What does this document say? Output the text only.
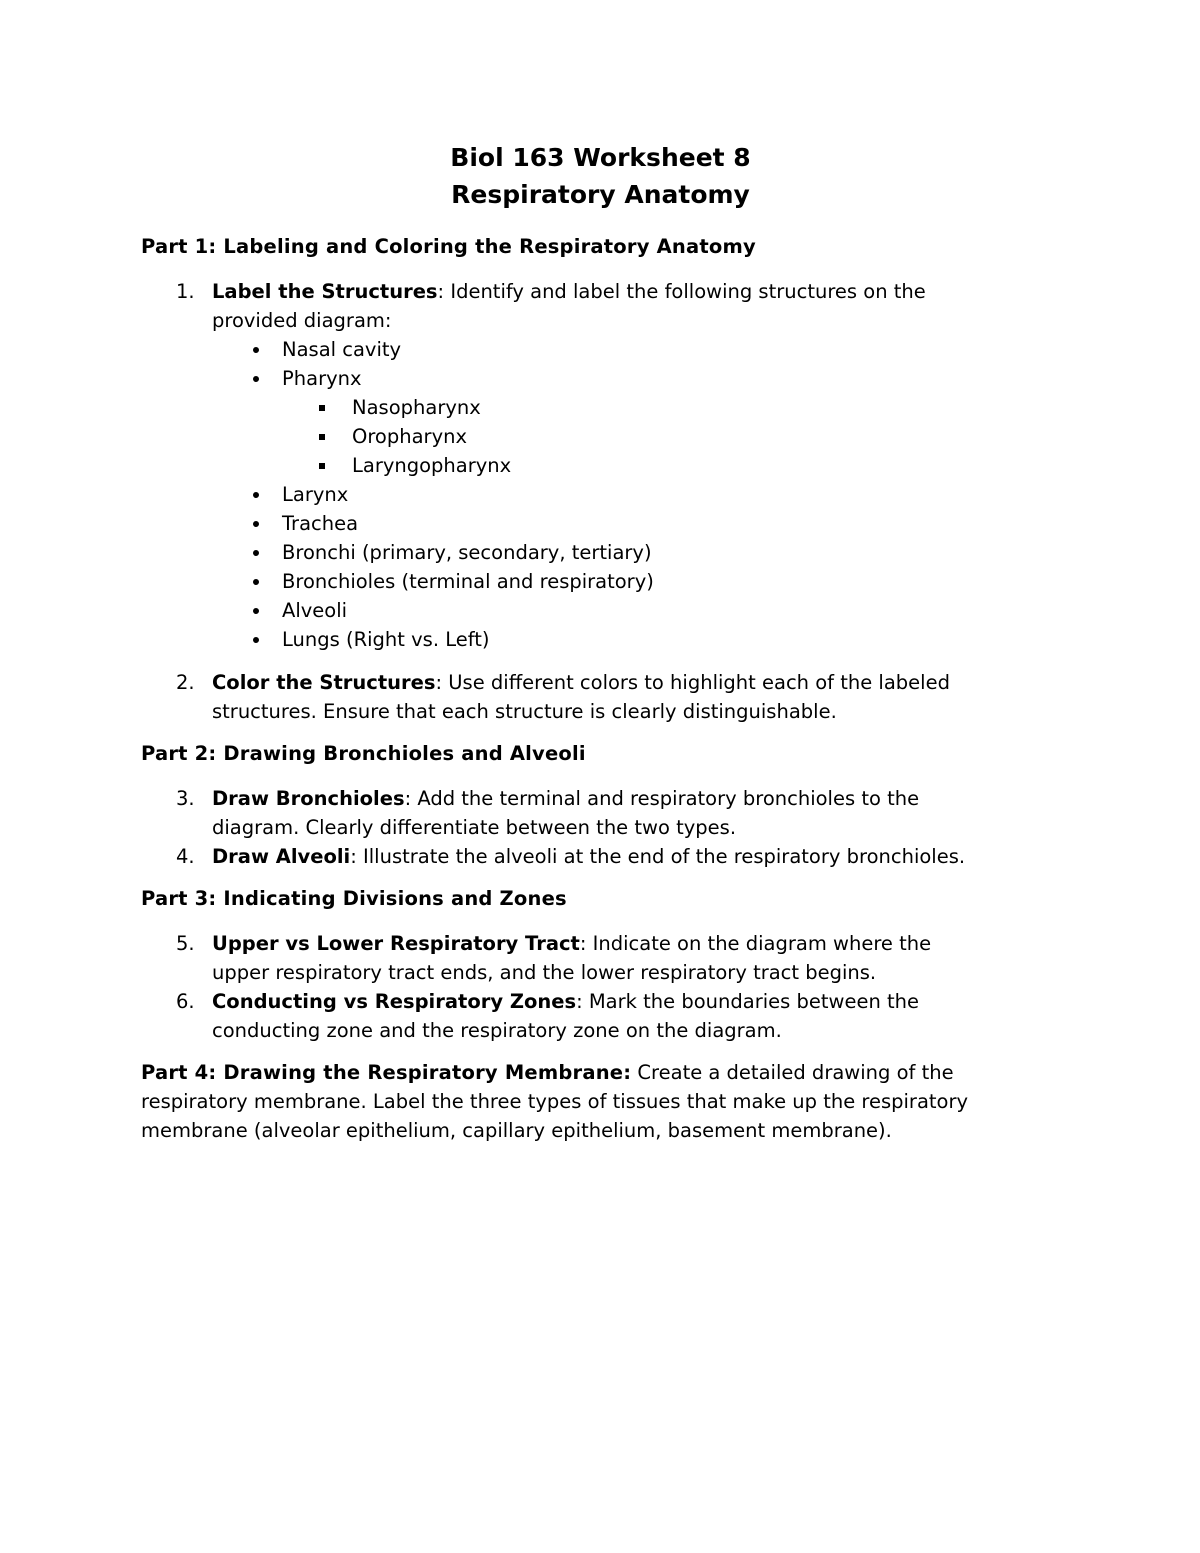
Biol 163 Worksheet 8
Respiratory Anatomy
Part 1: Labeling and Coloring the Respiratory Anatomy
1. Label the Structures: Identify and label the following structures on the
provided diagram:
Nasal cavity
Pharynx
Nasopharynx
Oropharynx
Laryngopharynx
Larynx
Trachea
Bronchi (primary, secondary, tertiary)
Bronchioles (terminal and respiratory)
Alveoli
Lungs (Right vs. Left)
2. Color the Structures: Use different colors to highlight each of the labeled
structures. Ensure that each structure is clearly distinguishable.
Part 2: Drawing Bronchioles and Alveoli
3. Draw Bronchioles: Add the terminal and respiratory bronchioles to the
diagram. Clearly differentiate between the two types.
4. Draw Alveoli: Illustrate the alveoli at the end of the respiratory bronchioles.
Part 3: Indicating Divisions and Zones
5. Upper vs Lower Respiratory Tract: Indicate on the diagram where the
upper respiratory tract ends, and the lower respiratory tract begins.
6. Conducting vs Respiratory Zones: Mark the boundaries between the
conducting zone and the respiratory zone on the diagram.
Part 4: Drawing the Respiratory Membrane: Create a detailed drawing of the
respiratory membrane. Label the three types of tissues that make up the respiratory
membrane (alveolar epithelium, capillary epithelium, basement membrane).
